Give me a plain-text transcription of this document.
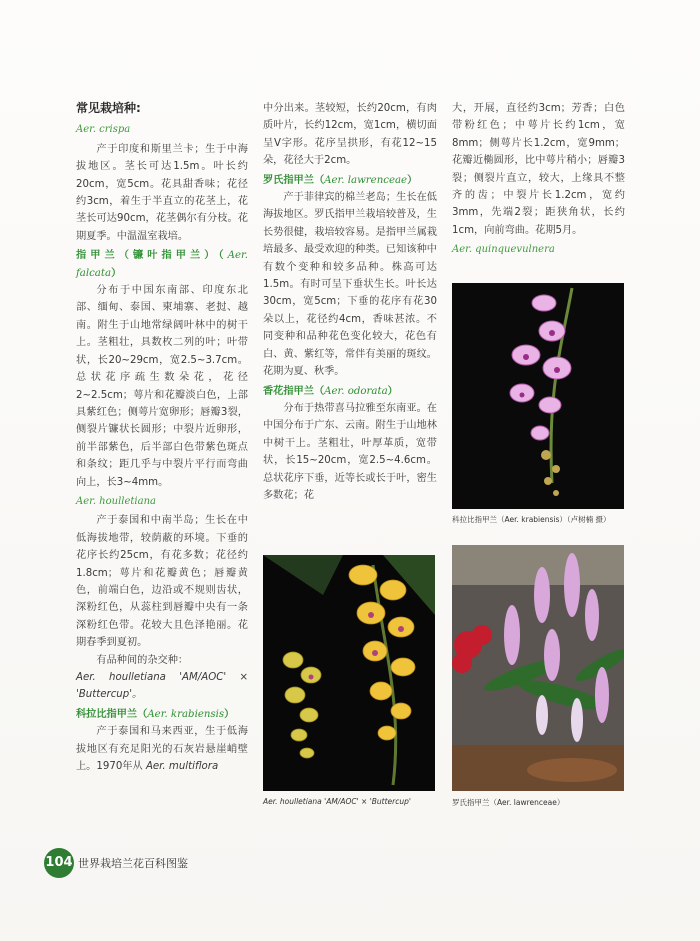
常见栽培种:
Aer. crispa

产于印度和斯里兰卡；生于中海拔地区。茎长可达1.5m。叶长约20cm，宽5cm。花具甜香味；花径约3cm，着生于半直立的花茎上，花茎长可达90cm，花茎偶尔有分枝。花期夏季。中温温室栽培。

指甲兰（镰叶指甲兰）（Aer. falcata）

分布于中国东南部、印度东北部、缅甸、泰国、柬埔寨、老挝、越南。附生于山地常绿阔叶林中的树干上。茎粗壮，具数枚二列的叶；叶带状，长20~29cm，宽2.5~3.7cm。总状花序疏生数朵花，花径2~2.5cm；萼片和花瓣淡白色，上部具紫红色；侧萼片宽卵形；唇瓣3裂，侧裂片镰状长圆形；中裂片近卵形，前半部紫色，后半部白色带紫色斑点和条纹；距几乎与中裂片平行而弯曲向上，长3~4mm。

Aer. houlletiana

产于泰国和中南半岛；生长在中低海拔地带，较荫蔽的环境。下垂的花序长约25cm，有花多数；花径约1.8cm；萼片和花瓣黄色；唇瓣黄色，前端白色，边沿或不规则齿状，深粉红色，从蕊柱到唇瓣中央有一条深粉红色带。花较大且色泽艳丽。花期春季到夏初。

有品种间的杂交种：

Aer. houlletiana 'AM/AOC' × 'Buttercup'。

科拉比指甲兰（Aer. krabiensis）

产于泰国和马来西亚，生于低海拔地区有充足阳光的石灰岩悬崖峭壁上。1970年从 Aer. multiflora

中分出来。茎较短，长约20cm，有肉质叶片，长约12cm，宽1cm，横切面呈V字形。花序呈拱形，有花12~15朵，花径大于2cm。

罗氏指甲兰（Aer. lawrenceae）

产于菲律宾的棉兰老岛；生长在低海拔地区。罗氏指甲兰栽培较普及，生长势很健，栽培较容易。是指甲兰属栽培最多、最受欢迎的种类。已知该种中有数个变种和较多品种。株高可达1.5m。有时可呈下垂状生长。叶长达30cm，宽5cm；下垂的花序有花30朵以上，花径约4cm，香味甚浓。不同变种和品种花色变化较大，花色有白、黄、紫红等，常伴有美丽的斑纹。花期为夏、秋季。

香花指甲兰（Aer. odorata）

分布于热带喜马拉雅至东南亚。在中国分布于广东、云南。附生于山地林中树干上。茎粗壮，叶厚革质，宽带状，长15~20cm，宽2.5~4.6cm。总状花序下垂，近等长或长于叶，密生多数花；花

大，开展，直径约3cm；芳香；白色带粉红色；中萼片长约1cm，宽8mm；侧萼片长1.2cm，宽9mm；花瓣近椭圆形，比中萼片稍小；唇瓣3裂；侧裂片直立，较大，上缘具不整齐的齿；中裂片长1.2cm，宽约3mm，先端2裂；距狭角状，长约1cm，向前弯曲。花期5月。

Aer. quinquevulnera
科拉比指甲兰（Aer. krabiensis）（卢树楠 摄）
Aer. houlletiana 'AM/AOC' × 'Buttercup'	罗氏指甲兰（Aer. lawrenceae）
104 世界栽培兰花百科图鉴
